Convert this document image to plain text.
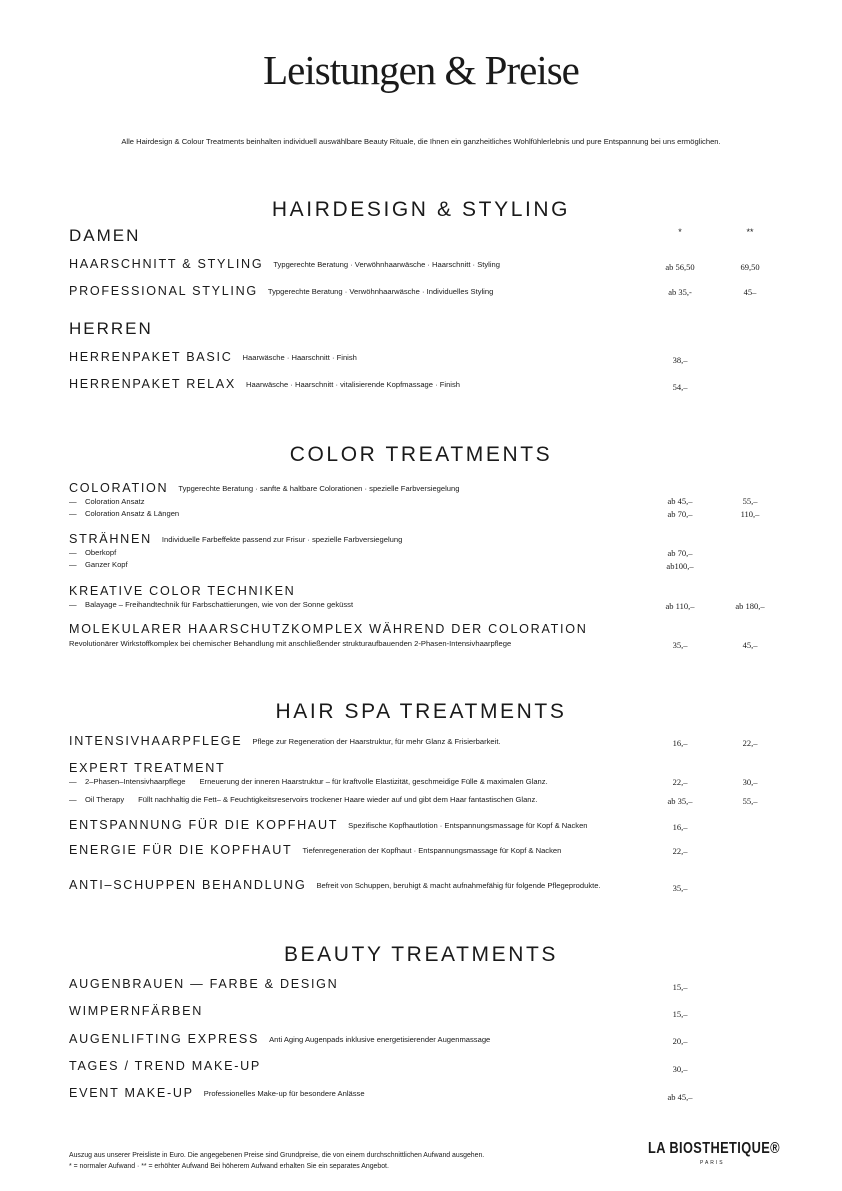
Leistungen & Preise
Alle Hairdesign & Colour Treatments beinhalten individuell auswählbare Beauty Rituale, die Ihnen ein ganzheitliches Wohlfühlerlebnis und pure Entspannung bei uns ermöglichen.
HAIRDESIGN & STYLING
DAMEN	*	**
HAARSCHNITT & STYLING Typgerechte Beratung · Verwöhnhaarwäsche · Haarschnitt · Styling	ab 56,50	69,50
PROFESSIONAL STYLING Typgerechte Beratung · Verwöhnhaarwäsche · Individuelles Styling	ab 35,-	45–
HERREN
HERRENPAKET BASIC Haarwäsche · Haarschnitt · Finish	38,–
HERRENPAKET RELAX Haarwäsche · Haarschnitt · vitalisierende Kopfmassage · Finish	54,–
COLOR TREATMENTS
COLORATION Typgerechte Beratung · sanfte & haltbare Colorationen · spezielle Farbversiegelung
— Coloration Ansatz	ab 45,–	55,–
— Coloration Ansatz & Längen	ab 70,–	110,–
STRÄHNEN Individuelle Farbeffekte passend zur Frisur · spezielle Farbversiegelung
— Oberkopf	ab 70,–
— Ganzer Kopf	ab100,–
KREATIVE COLOR TECHNIKEN
— Balayage – Freihandtechnik für Farbschattierungen, wie von der Sonne geküsst	ab 110,–	ab 180,–
MOLEKULARER HAARSCHUTZKOMPLEX WÄHREND DER COLORATION
Revolutionärer Wirkstoffkomplex bei chemischer Behandlung mit anschließender strukturaufbauenden 2-Phasen-Intensivhaarpflege	35,–	45,–
HAIR SPA TREATMENTS
INTENSIVHAARPFLEGE Pflege zur Regeneration der Haarstruktur, für mehr Glanz & Frisierbarkeit.	16,–	22,–
EXPERT TREATMENT
— 2–Phasen–Intensivhaarpflege Erneuerung der inneren Haarstruktur – für kraftvolle Elastizität, geschmeidige Fülle & maximalen Glanz.	22,–	30,–
— Oil Therapy Füllt nachhaltig die Fett– & Feuchtigkeitsreservoirs trockener Haare wieder auf und gibt dem Haar fantastischen Glanz.	ab 35,–	55,–
ENTSPANNUNG FÜR DIE KOPFHAUT Spezifische Kopfhautlotion · Entspannungsmassage für Kopf & Nacken	16,–
ENERGIE FÜR DIE KOPFHAUT Tiefenregeneration der Kopfhaut · Entspannungsmassage für Kopf & Nacken	22,–
ANTI–SCHUPPEN BEHANDLUNG Befreit von Schuppen, beruhigt & macht aufnahmefähig für folgende Pflegeprodukte.	35,–
BEAUTY TREATMENTS
AUGENBRAUEN — FARBE & DESIGN	15,–
WIMPERNFÄRBEN	15,–
AUGENLIFTING EXPRESS Anti Aging Augenpads inklusive energetisierender Augenmassage	20,–
TAGES / TREND MAKE-UP	30,–
EVENT MAKE-UP Professionelles Make-up für besondere Anlässe	ab 45,–
Auszug aus unserer Preisliste in Euro. Die angegebenen Preise sind Grundpreise, die von einem durchschnittlichen Aufwand ausgehen.
* = normaler Aufwand · ** = erhöhter Aufwand Bei höherem Aufwand erhalten Sie ein separates Angebot.
LA BIOSTHETIQUE®
PARIS
